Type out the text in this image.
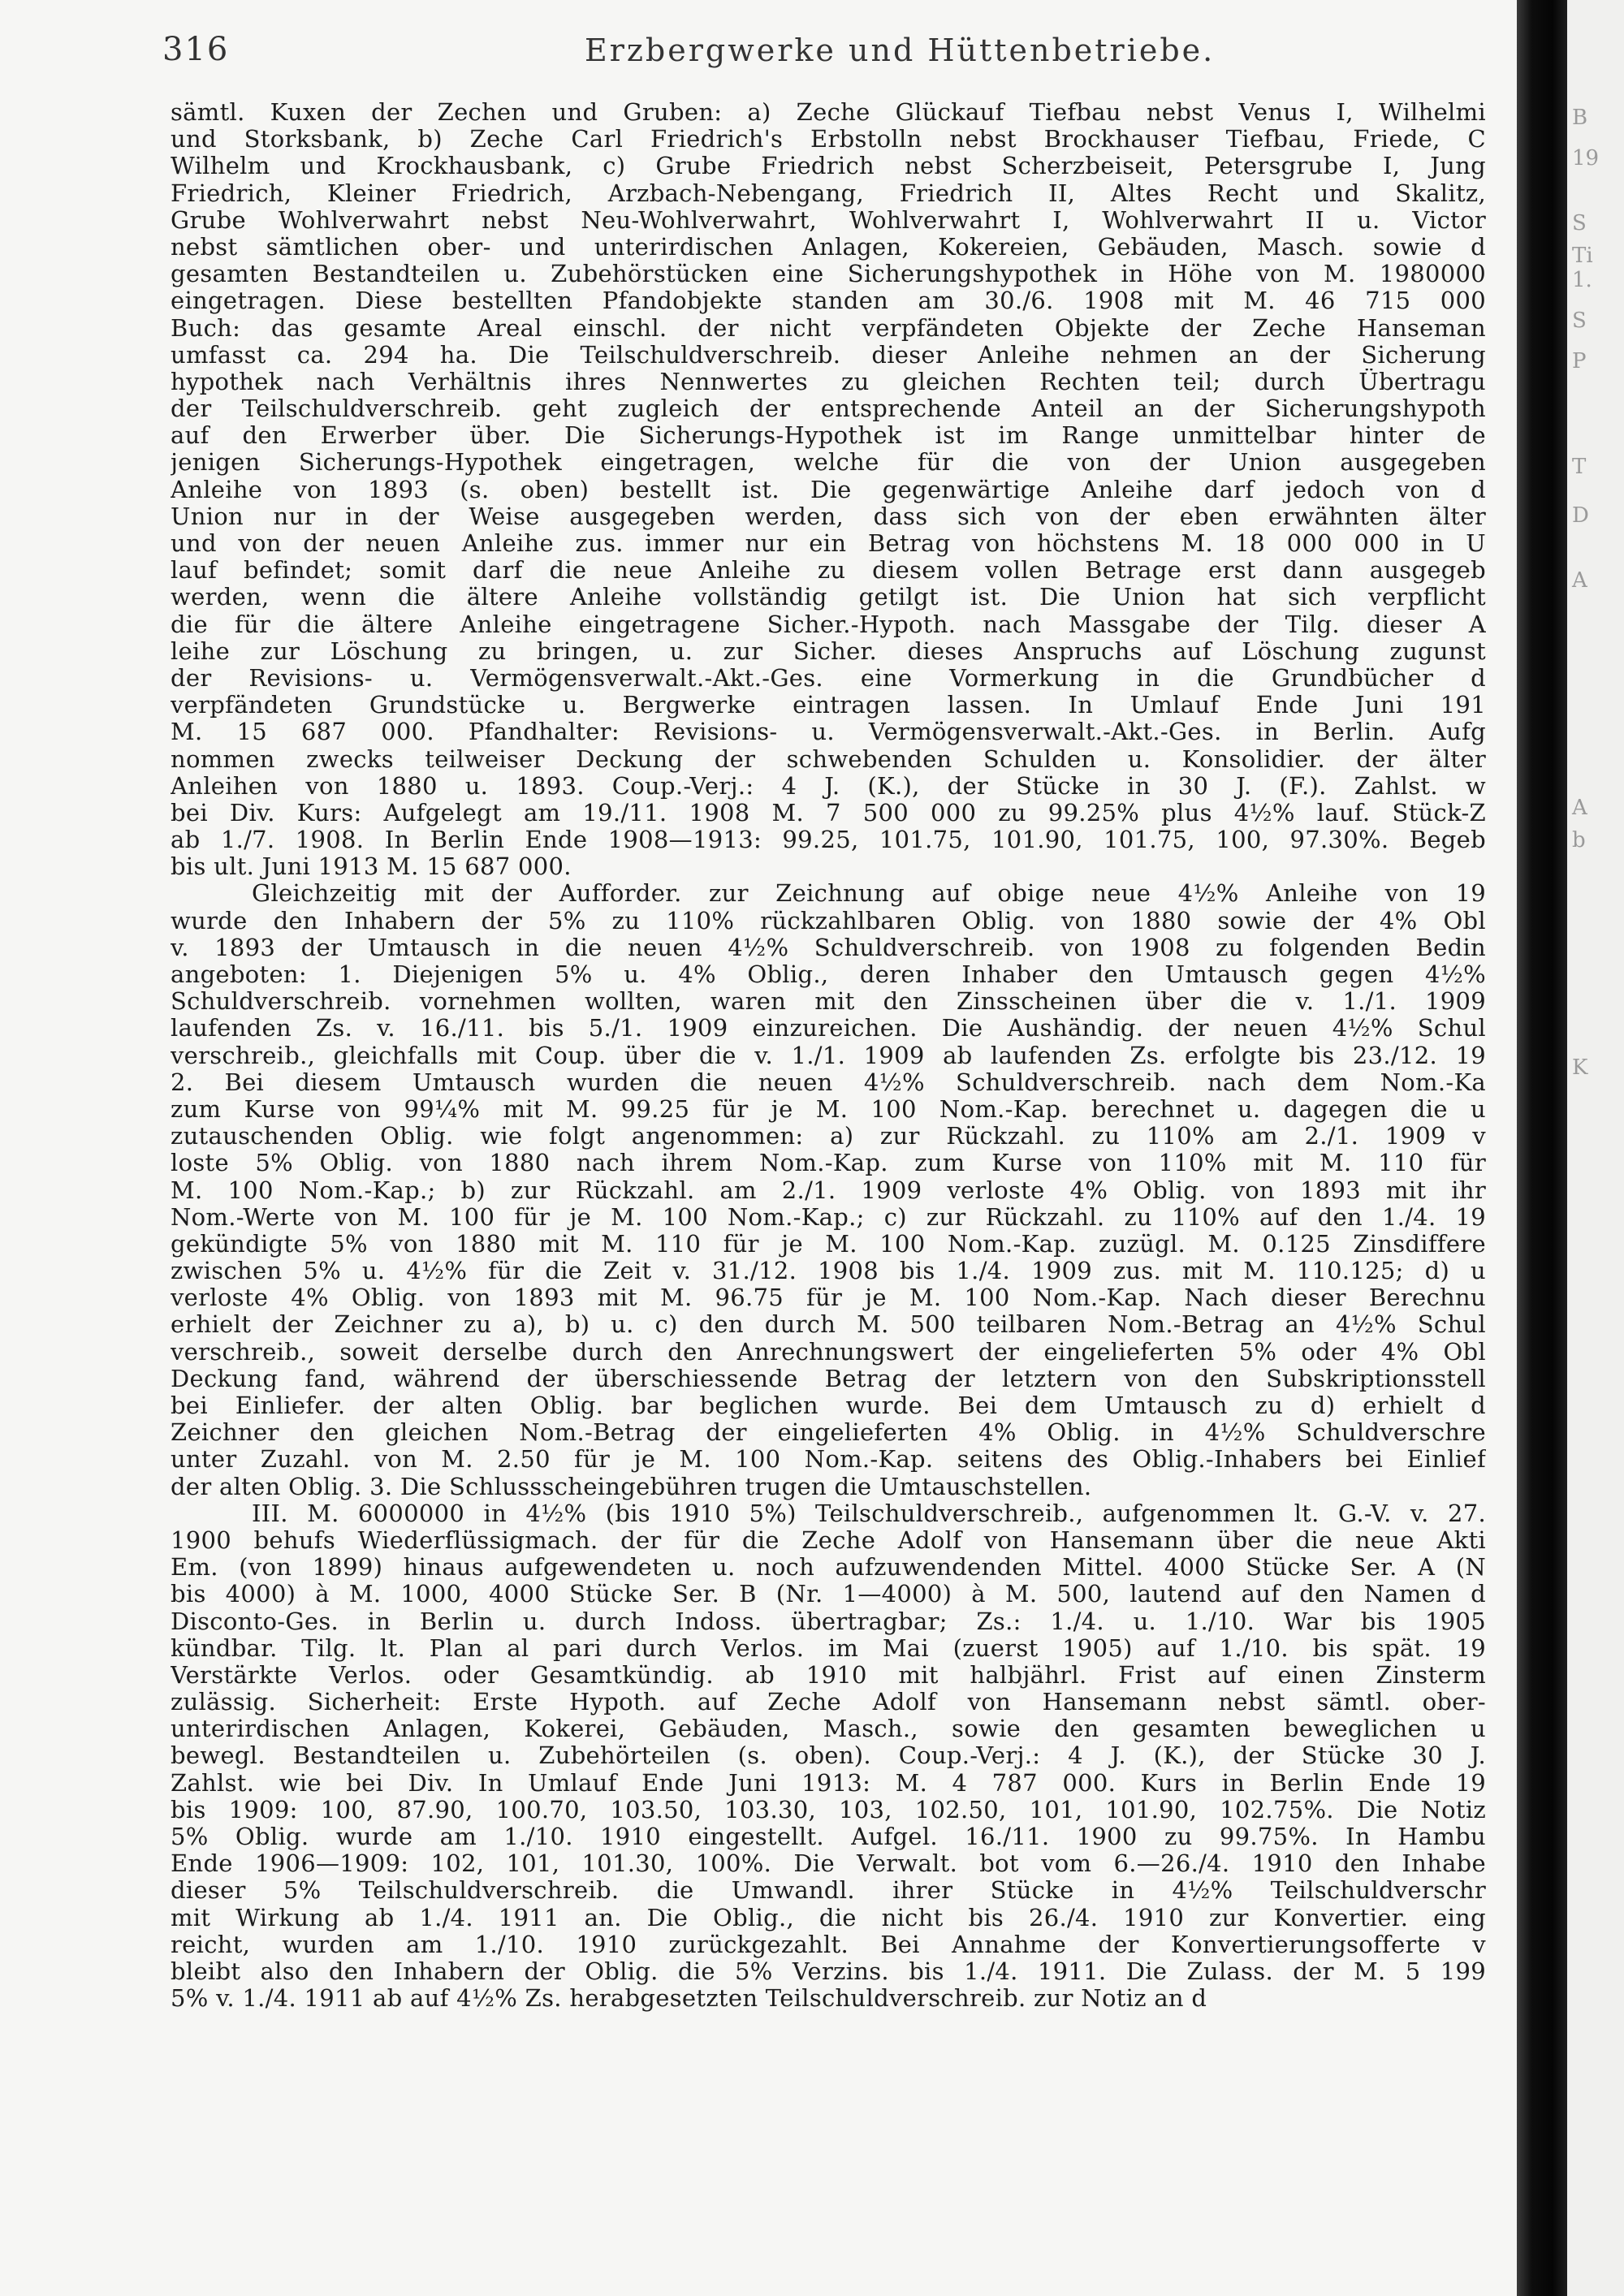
316	Erzbergwerke und Hüttenbetriebe.
sämtl. Kuxen der Zechen und Gruben: a) Zeche Glückauf Tiefbau nebst Venus I, Wilhelmi
und Storksbank, b) Zeche Carl Friedrich's Erbstolln nebst Brockhauser Tiefbau, Friede, C
Wilhelm und Krockhausbank, c) Grube Friedrich nebst Scherzbeiseit, Petersgrube I, Jung
Friedrich, Kleiner Friedrich, Arzbach-Nebengang, Friedrich II, Altes Recht und Skalitz,
Grube Wohlverwahrt nebst Neu-Wohlverwahrt, Wohlverwahrt I, Wohlverwahrt II u. Victor
nebst sämtlichen ober- und unterirdischen Anlagen, Kokereien, Gebäuden, Masch. sowie d
gesamten Bestandteilen u. Zubehörstücken eine Sicherungshypothek in Höhe von M. 1980000
eingetragen. Diese bestellten Pfandobjekte standen am 30./6. 1908 mit M. 46 715 000
Buch: das gesamte Areal einschl. der nicht verpfändeten Objekte der Zeche Hanseman
umfasst ca. 294 ha. Die Teilschuldverschreib. dieser Anleihe nehmen an der Sicherung
hypothek nach Verhältnis ihres Nennwertes zu gleichen Rechten teil; durch Übertragu
der Teilschuldverschreib. geht zugleich der entsprechende Anteil an der Sicherungshypoth
auf den Erwerber über. Die Sicherungs-Hypothek ist im Range unmittelbar hinter de
jenigen Sicherungs-Hypothek eingetragen, welche für die von der Union ausgegeben
Anleihe von 1893 (s. oben) bestellt ist. Die gegenwärtige Anleihe darf jedoch von d
Union nur in der Weise ausgegeben werden, dass sich von der eben erwähnten älter
und von der neuen Anleihe zus. immer nur ein Betrag von höchstens M. 18 000 000 in U
lauf befindet; somit darf die neue Anleihe zu diesem vollen Betrage erst dann ausgegeb
werden, wenn die ältere Anleihe vollständig getilgt ist. Die Union hat sich verpflicht
die für die ältere Anleihe eingetragene Sicher.-Hypoth. nach Massgabe der Tilg. dieser A
leihe zur Löschung zu bringen, u. zur Sicher. dieses Anspruchs auf Löschung zugunst
der Revisions- u. Vermögensverwalt.-Akt.-Ges. eine Vormerkung in die Grundbücher d
verpfändeten Grundstücke u. Bergwerke eintragen lassen. In Umlauf Ende Juni 191
M. 15 687 000. Pfandhalter: Revisions- u. Vermögensverwalt.-Akt.-Ges. in Berlin. Aufg
nommen zwecks teilweiser Deckung der schwebenden Schulden u. Konsolidier. der älter
Anleihen von 1880 u. 1893. Coup.-Verj.: 4 J. (K.), der Stücke in 30 J. (F.). Zahlst. w
bei Div. Kurs: Aufgelegt am 19./11. 1908 M. 7 500 000 zu 99.25% plus 4½% lauf. Stück-Z
ab 1./7. 1908. In Berlin Ende 1908—1913: 99.25, 101.75, 101.90, 101.75, 100, 97.30%. Begeb
bis ult. Juni 1913 M. 15 687 000.
Gleichzeitig mit der Aufforder. zur Zeichnung auf obige neue 4½% Anleihe von 19
wurde den Inhabern der 5% zu 110% rückzahlbaren Oblig. von 1880 sowie der 4% Obl
v. 1893 der Umtausch in die neuen 4½% Schuldverschreib. von 1908 zu folgenden Bedin
angeboten: 1. Diejenigen 5% u. 4% Oblig., deren Inhaber den Umtausch gegen 4½%
Schuldverschreib. vornehmen wollten, waren mit den Zinsscheinen über die v. 1./1. 1909
laufenden Zs. v. 16./11. bis 5./1. 1909 einzureichen. Die Aushändig. der neuen 4½% Schul
verschreib., gleichfalls mit Coup. über die v. 1./1. 1909 ab laufenden Zs. erfolgte bis 23./12. 19
2. Bei diesem Umtausch wurden die neuen 4½% Schuldverschreib. nach dem Nom.-Ka
zum Kurse von 99¼% mit M. 99.25 für je M. 100 Nom.-Kap. berechnet u. dagegen die u
zutauschenden Oblig. wie folgt angenommen: a) zur Rückzahl. zu 110% am 2./1. 1909 v
loste 5% Oblig. von 1880 nach ihrem Nom.-Kap. zum Kurse von 110% mit M. 110 für
M. 100 Nom.-Kap.; b) zur Rückzahl. am 2./1. 1909 verloste 4% Oblig. von 1893 mit ihr
Nom.-Werte von M. 100 für je M. 100 Nom.-Kap.; c) zur Rückzahl. zu 110% auf den 1./4. 19
gekündigte 5% von 1880 mit M. 110 für je M. 100 Nom.-Kap. zuzügl. M. 0.125 Zinsdiffere
zwischen 5% u. 4½% für die Zeit v. 31./12. 1908 bis 1./4. 1909 zus. mit M. 110.125; d) u
verloste 4% Oblig. von 1893 mit M. 96.75 für je M. 100 Nom.-Kap. Nach dieser Berechnu
erhielt der Zeichner zu a), b) u. c) den durch M. 500 teilbaren Nom.-Betrag an 4½% Schul
verschreib., soweit derselbe durch den Anrechnungswert der eingelieferten 5% oder 4% Obl
Deckung fand, während der überschiessende Betrag der letztern von den Subskriptionsstell
bei Einliefer. der alten Oblig. bar beglichen wurde. Bei dem Umtausch zu d) erhielt d
Zeichner den gleichen Nom.-Betrag der eingelieferten 4% Oblig. in 4½% Schuldverschre
unter Zuzahl. von M. 2.50 für je M. 100 Nom.-Kap. seitens des Oblig.-Inhabers bei Einlief
der alten Oblig. 3. Die Schlussscheingebühren trugen die Umtauschstellen.
III. M. 6000000 in 4½% (bis 1910 5%) Teilschuldverschreib., aufgenommen lt. G.-V. v. 27.
1900 behufs Wiederflüssigmach. der für die Zeche Adolf von Hansemann über die neue Akti
Em. (von 1899) hinaus aufgewendeten u. noch aufzuwendenden Mittel. 4000 Stücke Ser. A (N
bis 4000) à M. 1000, 4000 Stücke Ser. B (Nr. 1—4000) à M. 500, lautend auf den Namen d
Disconto-Ges. in Berlin u. durch Indoss. übertragbar; Zs.: 1./4. u. 1./10. War bis 1905
kündbar. Tilg. lt. Plan al pari durch Verlos. im Mai (zuerst 1905) auf 1./10. bis spät. 19
Verstärkte Verlos. oder Gesamtkündig. ab 1910 mit halbjährl. Frist auf einen Zinsterm
zulässig. Sicherheit: Erste Hypoth. auf Zeche Adolf von Hansemann nebst sämtl. ober-
unterirdischen Anlagen, Kokerei, Gebäuden, Masch., sowie den gesamten beweglichen u
bewegl. Bestandteilen u. Zubehörteilen (s. oben). Coup.-Verj.: 4 J. (K.), der Stücke 30 J.
Zahlst. wie bei Div. In Umlauf Ende Juni 1913: M. 4 787 000. Kurs in Berlin Ende 19
bis 1909: 100, 87.90, 100.70, 103.50, 103.30, 103, 102.50, 101, 101.90, 102.75%. Die Notiz
5% Oblig. wurde am 1./10. 1910 eingestellt. Aufgel. 16./11. 1900 zu 99.75%. In Hambu
Ende 1906—1909: 102, 101, 101.30, 100%. Die Verwalt. bot vom 6.—26./4. 1910 den Inhabe
dieser 5% Teilschuldverschreib. die Umwandl. ihrer Stücke in 4½% Teilschuldverschr
mit Wirkung ab 1./4. 1911 an. Die Oblig., die nicht bis 26./4. 1910 zur Konvertier. eing
reicht, wurden am 1./10. 1910 zurückgezahlt. Bei Annahme der Konvertierungsofferte v
bleibt also den Inhabern der Oblig. die 5% Verzins. bis 1./4. 1911. Die Zulass. der M. 5 199
5% v. 1./4. 1911 ab auf 4½% Zs. herabgesetzten Teilschuldverschreib. zur Notiz an d
B
19
S
Ti
1.
S
P
T
D
A
A
b
K
